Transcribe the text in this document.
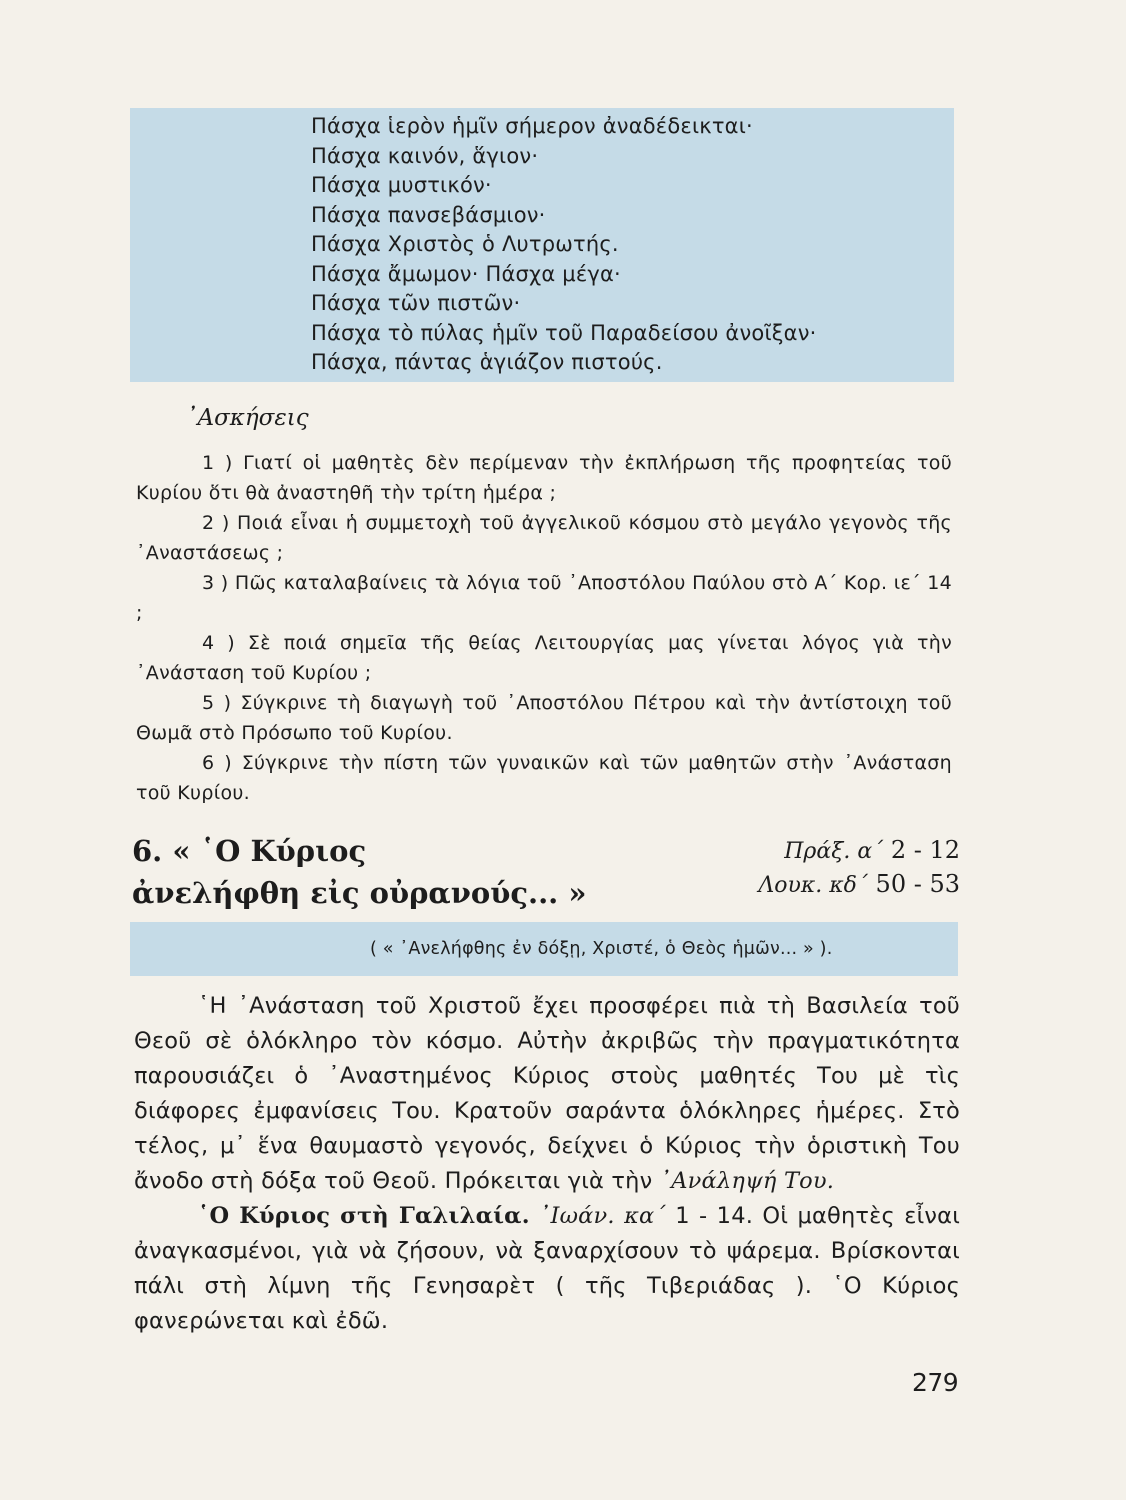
Πάσχα ἱερὸν ἡμῖν σήμερον ἀναδέδεικται·
Πάσχα καινόν, ἅγιον·
Πάσχα μυστικόν·
Πάσχα πανσεβάσμιον·
Πάσχα Χριστὸς ὁ Λυτρωτής.
Πάσχα ἄμωμον· Πάσχα μέγα·
Πάσχα τῶν πιστῶν·
Πάσχα τὸ πύλας ἡμῖν τοῦ Παραδείσου ἀνοῖξαν·
Πάσχα, πάντας ἁγιάζον πιστούς.
᾿Ασκήσεις
1 ) Γιατί οἱ μαθητὲς δὲν περίμεναν τὴν ἐκπλήρωση τῆς προφητείας τοῦ Κυρίου ὅτι θὰ ἀναστηθῆ τὴν τρίτη ἡμέρα ;
2 ) Ποιά εἶναι ἡ συμμετοχὴ τοῦ ἀγγελικοῦ κόσμου στὸ μεγάλο γεγονὸς τῆς ᾿Αναστάσεως ;
3 ) Πῶς καταλαβαίνεις τὰ λόγια τοῦ ᾿Αποστόλου Παύλου στὸ Α΄ Κορ. ιε΄ 14 ;
4 ) Σὲ ποιά σημεῖα τῆς θείας Λειτουργίας μας γίνεται λόγος γιὰ τὴν ᾿Ανάσταση τοῦ Κυρίου ;
5 ) Σύγκρινε τὴ διαγωγὴ τοῦ ᾿Αποστόλου Πέτρου καὶ τὴν ἀντίστοιχη τοῦ Θωμᾶ στὸ Πρόσωπο τοῦ Κυρίου.
6 ) Σύγκρινε τὴν πίστη τῶν γυναικῶν καὶ τῶν μαθητῶν στὴν ᾿Ανάσταση τοῦ Κυρίου.
6. « ῾Ο Κύριος
ἀνελήφθη εἰς οὐρανούς... »
Πράξ. α΄ 2 - 12
Λουκ. κδ΄ 50 - 53
( « ᾿Ανελήφθης ἐν δόξῃ, Χριστέ, ὁ Θεὸς ἡμῶν... » ).

῾Η ᾿Ανάσταση τοῦ Χριστοῦ ἔχει προσφέρει πιὰ τὴ Βασιλεία τοῦ Θεοῦ σὲ ὁλόκληρο τὸν κόσμο. Αὐτὴν ἀκριβῶς τὴν πραγματικότητα παρουσιάζει ὁ ᾿Αναστημένος Κύριος στοὺς μαθητές Του μὲ τὶς διάφορες ἐμφανίσεις Του. Κρατοῦν σαράντα ὁλόκληρες ἡμέρες. Στὸ τέλος, μ᾿ ἕνα θαυμαστὸ γεγονός, δείχνει ὁ Κύριος τὴν ὁριστικὴ Του ἄνοδο στὴ δόξα τοῦ Θεοῦ. Πρόκειται γιὰ τὴν ᾿Ανάληψή Του.

῾Ο Κύριος στὴ Γαλιλαία. ᾿Ιωάν. κα΄ 1 - 14. Οἱ μαθητὲς εἶναι ἀναγκασμένοι, γιὰ νὰ ζήσουν, νὰ ξαναρχίσουν τὸ ψάρεμα. Βρίσκονται πάλι στὴ λίμνη τῆς Γενησαρὲτ ( τῆς Τιβεριάδας ). ῾Ο Κύριος φανερώνεται καὶ ἐδῶ.

279
